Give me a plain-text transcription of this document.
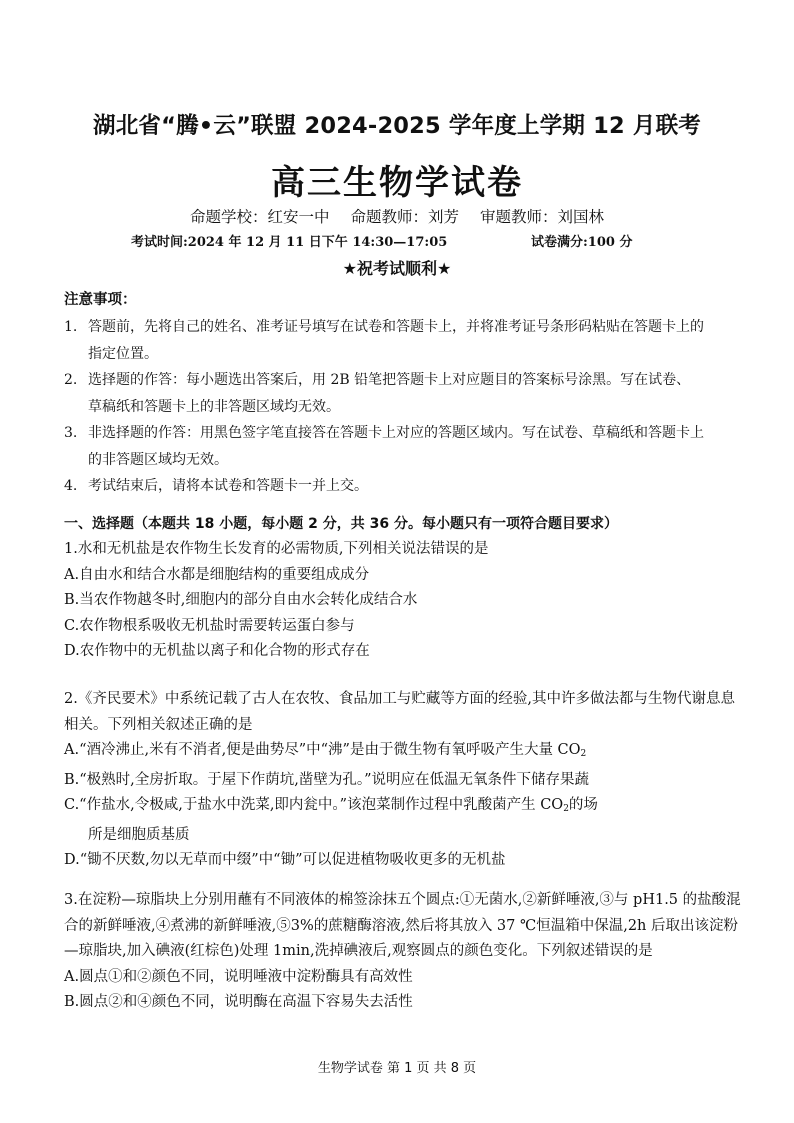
湖北省“腾•云”联盟 2024-2025 学年度上学期 12 月联考
高三生物学试卷
命题学校：红安一中 命题教师：刘芳 审题教师：刘国林
考试时间:2024 年 12 月 11 日下午 14:30—17:05	试卷满分:100 分
★祝考试顺利★
注意事项：
1. 答题前，先将自己的姓名、准考证号填写在试卷和答题卡上，并将准考证号条形码粘贴在答题卡上的指定位置。
2. 选择题的作答：每小题选出答案后，用 2B 铅笔把答题卡上对应题目的答案标号涂黑。写在试卷、草稿纸和答题卡上的非答题区域均无效。
3. 非选择题的作答：用黑色签字笔直接答在答题卡上对应的答题区域内。写在试卷、草稿纸和答题卡上的非答题区域均无效。
4. 考试结束后，请将本试卷和答题卡一并上交。
一、选择题（本题共 18 小题，每小题 2 分，共 36 分。每小题只有一项符合题目要求）
1.水和无机盐是农作物生长发育的必需物质,下列相关说法错误的是
A.自由水和结合水都是细胞结构的重要组成成分
B.当农作物越冬时,细胞内的部分自由水会转化成结合水
C.农作物根系吸收无机盐时需要转运蛋白参与
D.农作物中的无机盐以离子和化合物的形式存在
2.《齐民要术》中系统记载了古人在农牧、食品加工与贮藏等方面的经验,其中许多做法都与生物代谢息息相关。下列相关叙述正确的是
A.“酒冷沸止,米有不消者,便是曲势尽”中“沸”是由于微生物有氧呼吸产生大量 $CO_2$
B.“极熟时,全房折取。于屋下作荫坑,凿壁为孔。”说明应在低温无氧条件下储存果蔬
C.“作盐水,令极咸,于盐水中洗菜,即内瓮中。”该泡菜制作过程中乳酸菌产生 $CO_2$的场
所是细胞质基质
D.“锄不厌数,勿以无草而中缀”中“锄”可以促进植物吸收更多的无机盐
3.在淀粉—琼脂块上分别用蘸有不同液体的棉签涂抹五个圆点:①无菌水,②新鲜唾液,③与 pH1.5 的盐酸混合的新鲜唾液,④煮沸的新鲜唾液,⑤3%的蔗糖酶溶液,然后将其放入 37 ℃恒温箱中保温,2h 后取出该淀粉—琼脂块,加入碘液(红棕色)处理 1min,洗掉碘液后,观察圆点的颜色变化。下列叙述错误的是
A.圆点①和②颜色不同，说明唾液中淀粉酶具有高效性
B.圆点②和④颜色不同，说明酶在高温下容易失去活性
生物学试卷 第 1 页 共 8 页
